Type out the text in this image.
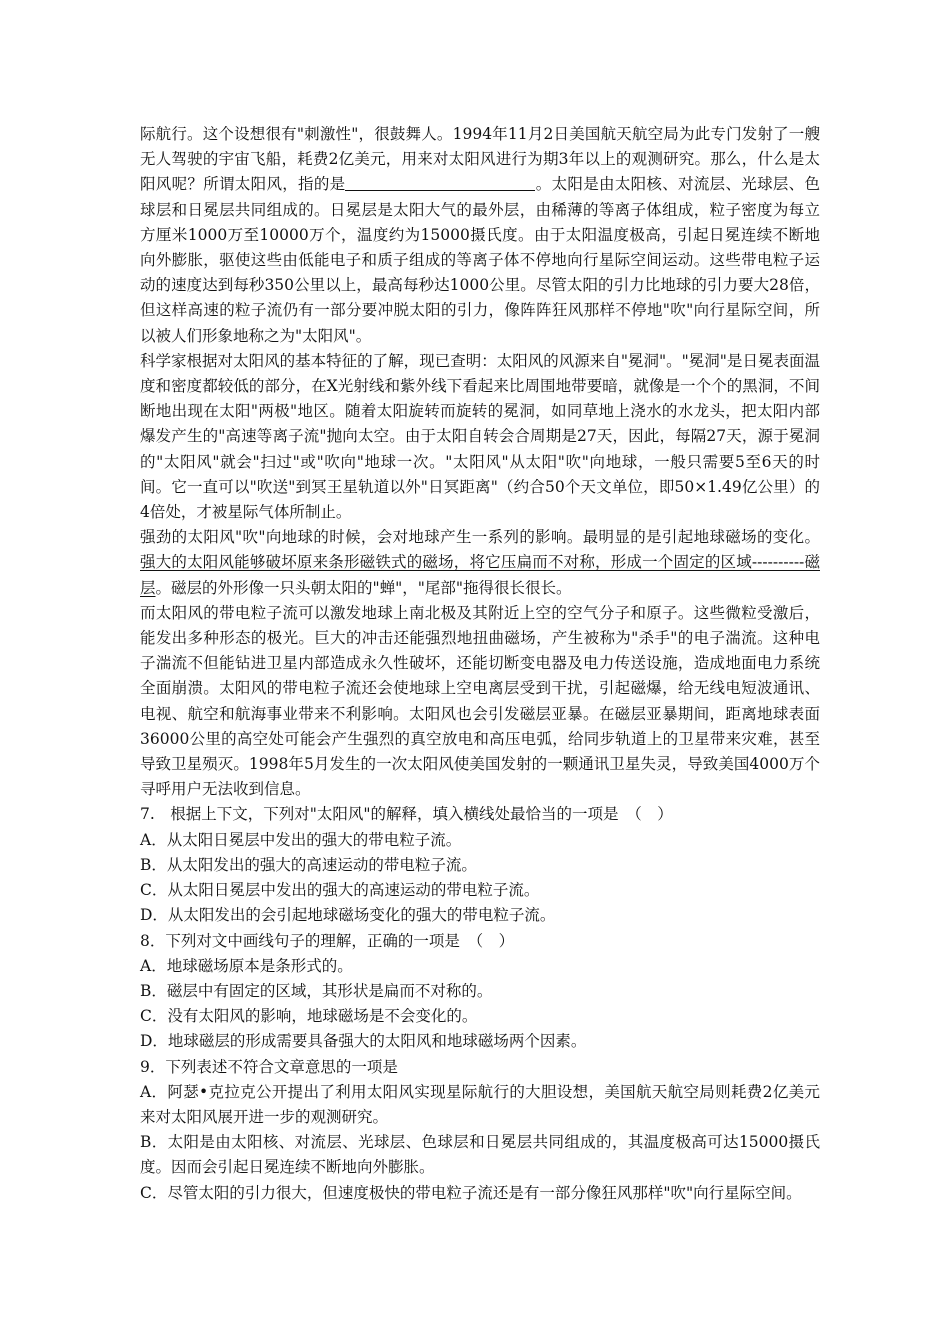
际航行。这个设想很有"刺激性"，很鼓舞人。1994年11月2日美国航天航空局为此专门发射了一艘无人驾驶的宇宙飞船，耗费2亿美元，用来对太阳风进行为期3年以上的观测研究。那么，什么是太阳风呢？所谓太阳风，指的是	。太阳是由太阳核、对流层、光球层、色球层和日冕层共同组成的。日冕层是太阳大气的最外层，由稀薄的等离子体组成，粒子密度为每立方厘米1000万至10000万个，温度约为15000摄氏度。由于太阳温度极高，引起日冕连续不断地向外膨胀，驱使这些由低能电子和质子组成的等离子体不停地向行星际空间运动。这些带电粒子运动的速度达到每秒350公里以上，最高每秒达1000公里。尽管太阳的引力比地球的引力要大28倍，但这样高速的粒子流仍有一部分要冲脱太阳的引力，像阵阵狂风那样不停地"吹"向行星际空间，所以被人们形象地称之为"太阳风"。

科学家根据对太阳风的基本特征的了解，现已查明：太阳风的风源来自"冕洞"。"冕洞"是日冕表面温度和密度都较低的部分，在X光射线和紫外线下看起来比周围地带要暗，就像是一个个的黑洞，不间断地出现在太阳"两极"地区。随着太阳旋转而旋转的冕洞，如同草地上浇水的水龙头，把太阳内部爆发产生的"高速等离子流"抛向太空。由于太阳自转会合周期是27天，因此，每隔27天，源于冕洞的"太阳风"就会"扫过"或"吹向"地球一次。"太阳风"从太阳"吹"向地球，一般只需要5至6天的时间。它一直可以"吹送"到冥王星轨道以外"日冥距离"（约合50个天文单位，即50×1.49亿公里）的4倍处，才被星际气体所制止。

强劲的太阳风"吹"向地球的时候，会对地球产生一系列的影响。最明显的是引起地球磁场的变化。强大的太阳风能够破坏原来条形磁铁式的磁场，将它压扁而不对称，形成一个固定的区域----------磁层。磁层的外形像一只头朝太阳的"蝉"，"尾部"拖得很长很长。

而太阳风的带电粒子流可以激发地球上南北极及其附近上空的空气分子和原子。这些微粒受激后，能发出多种形态的极光。巨大的冲击还能强烈地扭曲磁场，产生被称为"杀手"的电子湍流。这种电子湍流不但能钻进卫星内部造成永久性破坏，还能切断变电器及电力传送设施，造成地面电力系统全面崩溃。太阳风的带电粒子流还会使地球上空电离层受到干扰，引起磁爆，给无线电短波通讯、电视、航空和航海事业带来不利影响。太阳风也会引发磁层亚暴。在磁层亚暴期间，距离地球表面36000公里的高空处可能会产生强烈的真空放电和高压电弧，给同步轨道上的卫星带来灾难，甚至导致卫星殒灭。1998年5月发生的一次太阳风使美国发射的一颗通讯卫星失灵，导致美国4000万个寻呼用户无法收到信息。

7.　根据上下文，下列对"太阳风"的解释，填入横线处最恰当的一项是　（　）

A．从太阳日冕层中发出的强大的带电粒子流。

B．从太阳发出的强大的高速运动的带电粒子流。

C．从太阳日冕层中发出的强大的高速运动的带电粒子流。

D．从太阳发出的会引起地球磁场变化的强大的带电粒子流。

8．下列对文中画线句子的理解，正确的一项是　（　）

A．地球磁场原本是条形式的。

B．磁层中有固定的区域，其形状是扁而不对称的。

C．没有太阳风的影响，地球磁场是不会变化的。

D．地球磁层的形成需要具备强大的太阳风和地球磁场两个因素。

9．下列表述不符合文章意思的一项是

A．阿瑟•克拉克公开提出了利用太阳风实现星际航行的大胆设想，美国航天航空局则耗费2亿美元来对太阳风展开进一步的观测研究。

B．太阳是由太阳核、对流层、光球层、色球层和日冕层共同组成的，其温度极高可达15000摄氏度。因而会引起日冕连续不断地向外膨胀。

C．尽管太阳的引力很大，但速度极快的带电粒子流还是有一部分像狂风那样"吹"向行星际空间。
